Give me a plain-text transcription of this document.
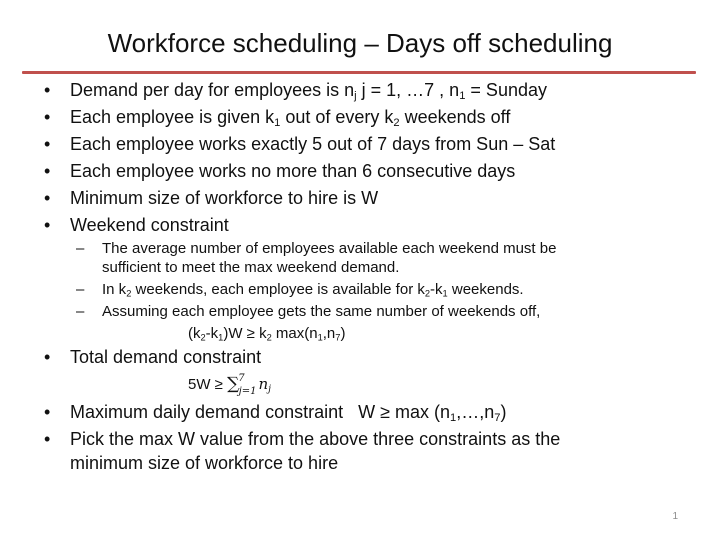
Workforce scheduling – Days off scheduling
• Demand per day for employees is $n_j$ j = 1, …7 , $n_1$ = Sunday
• Each employee is given $k_1$ out of every $k_2$ weekends off
• Each employee works exactly 5 out of 7 days from Sun – Sat
• Each employee works no more than 6 consecutive days
• Minimum size of workforce to hire is W
• Weekend constraint
– The average number of employees available each weekend must be
sufficient to meet the max weekend demand.
– In $k_2$ weekends, each employee is available for $k_2-k_1$ weekends.
– Assuming each employee gets the same number of weekends off,
$(k_2-k_1)W \ge k_2$ $\max(n_1,n_7)$
• Total demand constraint
5W ≥ ∑$^7_{j=1}$ $n_j$
• Maximum daily demand constraint   $W \ge \max (n_1,\dots,n_7)$
• Pick the max W value from the above three constraints as the
minimum size of workforce to hire
1
